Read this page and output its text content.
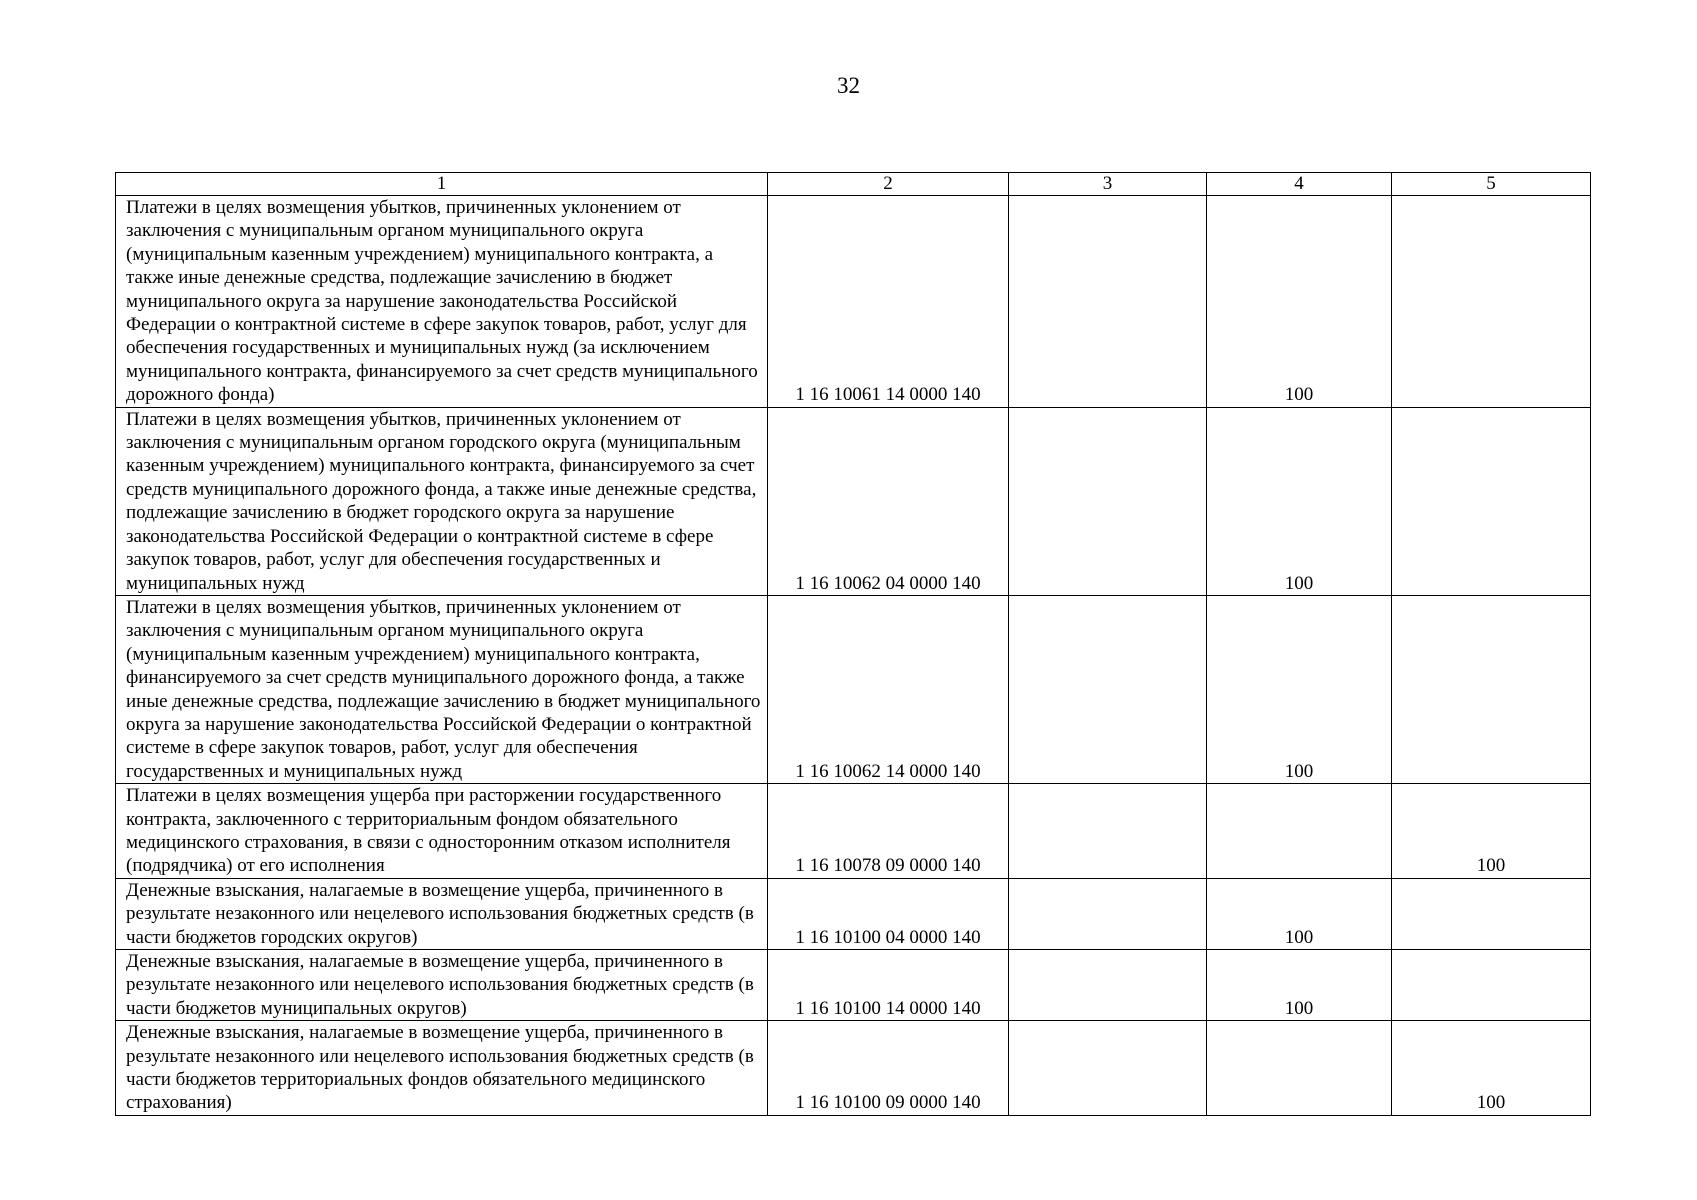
32
1	2	3	4	5

Платежи в целях возмещения убытков, причиненных уклонением от заключения с муниципальным органом муниципального округа (муниципальным казенным учреждением) муниципального контракта, а также иные денежные средства, подлежащие зачислению в бюджет муниципального округа за нарушение законодательства Российской Федерации о контрактной системе в сфере закупок товаров, работ, услуг для обеспечения государственных и муниципальных нужд (за исключением муниципального контракта, финансируемого за счет средств муниципального дорожного фонда)	1 16 10061 14 0000 140		100	

Платежи в целях возмещения убытков, причиненных уклонением от заключения с муниципальным органом городского округа (муниципальным казенным учреждением) муниципального контракта, финансируемого за счет средств муниципального дорожного фонда, а также иные денежные средства, подлежащие зачислению в бюджет городского округа за нарушение законодательства Российской Федерации о контрактной системе в сфере закупок товаров, работ, услуг для обеспечения государственных и муниципальных нужд	1 16 10062 04 0000 140		100	

Платежи в целях возмещения убытков, причиненных уклонением от заключения с муниципальным органом муниципального округа (муниципальным казенным учреждением) муниципального контракта, финансируемого за счет средств муниципального дорожного фонда, а также иные денежные средства, подлежащие зачислению в бюджет муниципального округа за нарушение законодательства Российской Федерации о контрактной системе в сфере закупок товаров, работ, услуг для обеспечения государственных и муниципальных нужд	1 16 10062 14 0000 140		100	

Платежи в целях возмещения ущерба при расторжении государственного контракта, заключенного с территориальным фондом обязательного медицинского страхования, в связи с односторонним отказом исполнителя (подрядчика) от его исполнения	1 16 10078 09 0000 140			100

Денежные взыскания, налагаемые в возмещение ущерба, причиненного в результате незаконного или нецелевого использования бюджетных средств (в части бюджетов городских округов)	1 16 10100 04 0000 140		100	

Денежные взыскания, налагаемые в возмещение ущерба, причиненного в результате незаконного или нецелевого использования бюджетных средств (в части бюджетов муниципальных округов)	1 16 10100 14 0000 140		100	

Денежные взыскания, налагаемые в возмещение ущерба, причиненного в результате незаконного или нецелевого использования бюджетных средств (в части бюджетов территориальных фондов обязательного медицинского страхования)	1 16 10100 09 0000 140			100
